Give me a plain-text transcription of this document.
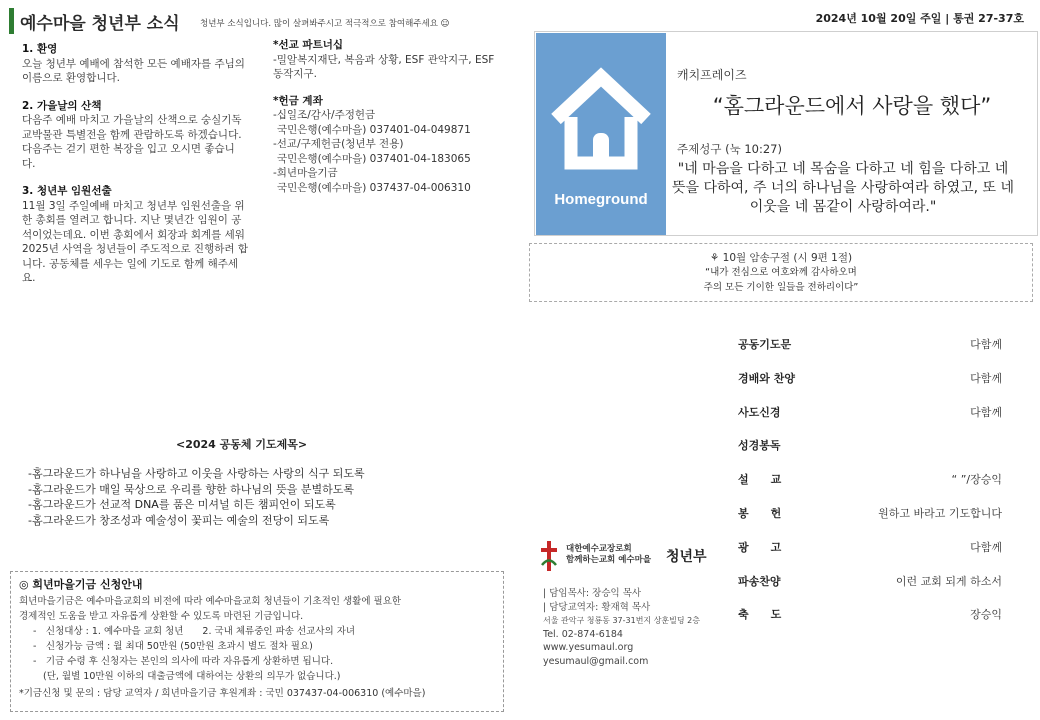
예수마을 청년부 소식 청년부 소식입니다. 많이 살펴봐주시고 적극적으로 참여해주세요 ☺	2024년 10월 20일 주일 | 통권 27-37호
1. 환영
오늘 청년부 예배에 참석한 모든 예배자를 주님의 이름으로 환영합니다.
2. 가을날의 산책
다음주 예배 마치고 가을날의 산책으로 숭실기독교박물관 특별전을 함께 관람하도록 하겠습니다. 다음주는 걷기 편한 복장을 입고 오시면 좋습니다.
3. 청년부 임원선출
11월 3일 주일예배 마치고 청년부 임원선출을 위한 총회를 열려고 합니다. 지난 몇년간 임원이 공석이었는데요. 이번 총회에서 회장과 회계를 세워 2025년 사역을 청년들이 주도적으로 진행하려 합니다. 공동체를 세우는 일에 기도로 함께 해주세요.
*선교 파트너십
-밀알복지재단, 복음과 상황, ESF 관악지구, ESF 동작지구.
*헌금 계좌
-십일조/감사/주정헌금
국민은행(예수마을) 037401-04-049871
-선교/구제헌금(청년부 전용)
국민은행(예수마을) 037401-04-183065
-희년마을기금
국민은행(예수마을) 037437-04-006310
Homeground
캐치프레이즈
“홈그라운드에서 사랑을 했다”
주제성구 (눅 10:27)
"네 마음을 다하고 네 목숨을 다하고 네 힘을 다하고 네 뜻을 다하여, 주 너의 하나님을 사랑하여라 하였고, 또 네 이웃을 네 몸같이 사랑하여라."
⚘ 10월 암송구절 (시 9편 1절)
“내가 전심으로 여호와께 감사하오며
주의 모든 기이한 일들을 전하리이다”
공동기도문	다함께
경배와 찬양	다함께
사도신경	다함께
성경봉독
설　　교	“ ”/장승익
봉　　헌	원하고 바라고 기도합니다
광　　고	다함께
파송찬양	이런 교회 되게 하소서
축　　도	장승익
<2024 공동체 기도제목>
-홈그라운드가 하나님을 사랑하고 이웃을 사랑하는 사랑의 식구 되도록
-홈그라운드가 매일 묵상으로 우리를 향한 하나님의 뜻을 분별하도록
-홈그라운드가 선교적 DNA를 품은 미셔널 히든 챔피언이 되도록
-홈그라운드가 창조성과 예술성이 꽃피는 예술의 전당이 되도록
◎ 희년마을기금 신청안내
희년마을기금은 예수마을교회의 비전에 따라 예수마을교회 청년들이 기초적인 생활에 필요한
경제적인 도움을 받고 자유롭게 상환할 수 있도록 마련된 기금입니다.
-　신청대상 : 1. 예수마을 교회 청년　　2. 국내 체류중인 파송 선교사의 자녀
-　신청가능 금액 : 월 최대 50만원 (50만원 초과시 별도 절차 필요)
-　기금 수령 후 신청자는 본인의 의사에 따라 자유롭게 상환하면 됩니다.
(단, 월별 10만원 이하의 대출금액에 대하여는 상환의 의무가 없습니다.)
*기금신청 및 문의 : 담당 교역자 / 희년마을기금 후원계좌 : 국민 037437-04-006310 (예수마을)
대한예수교장로회
함께하는교회 예수마을 청년부
| 담임목사: 장승익 목사
| 담당교역자: 황재혁 목사
서울 관악구 청룡동 37-31번지 상훈빌딩 2층
Tel. 02-874-6184
www.yesumaul.org
yesumaul@gmail.com
